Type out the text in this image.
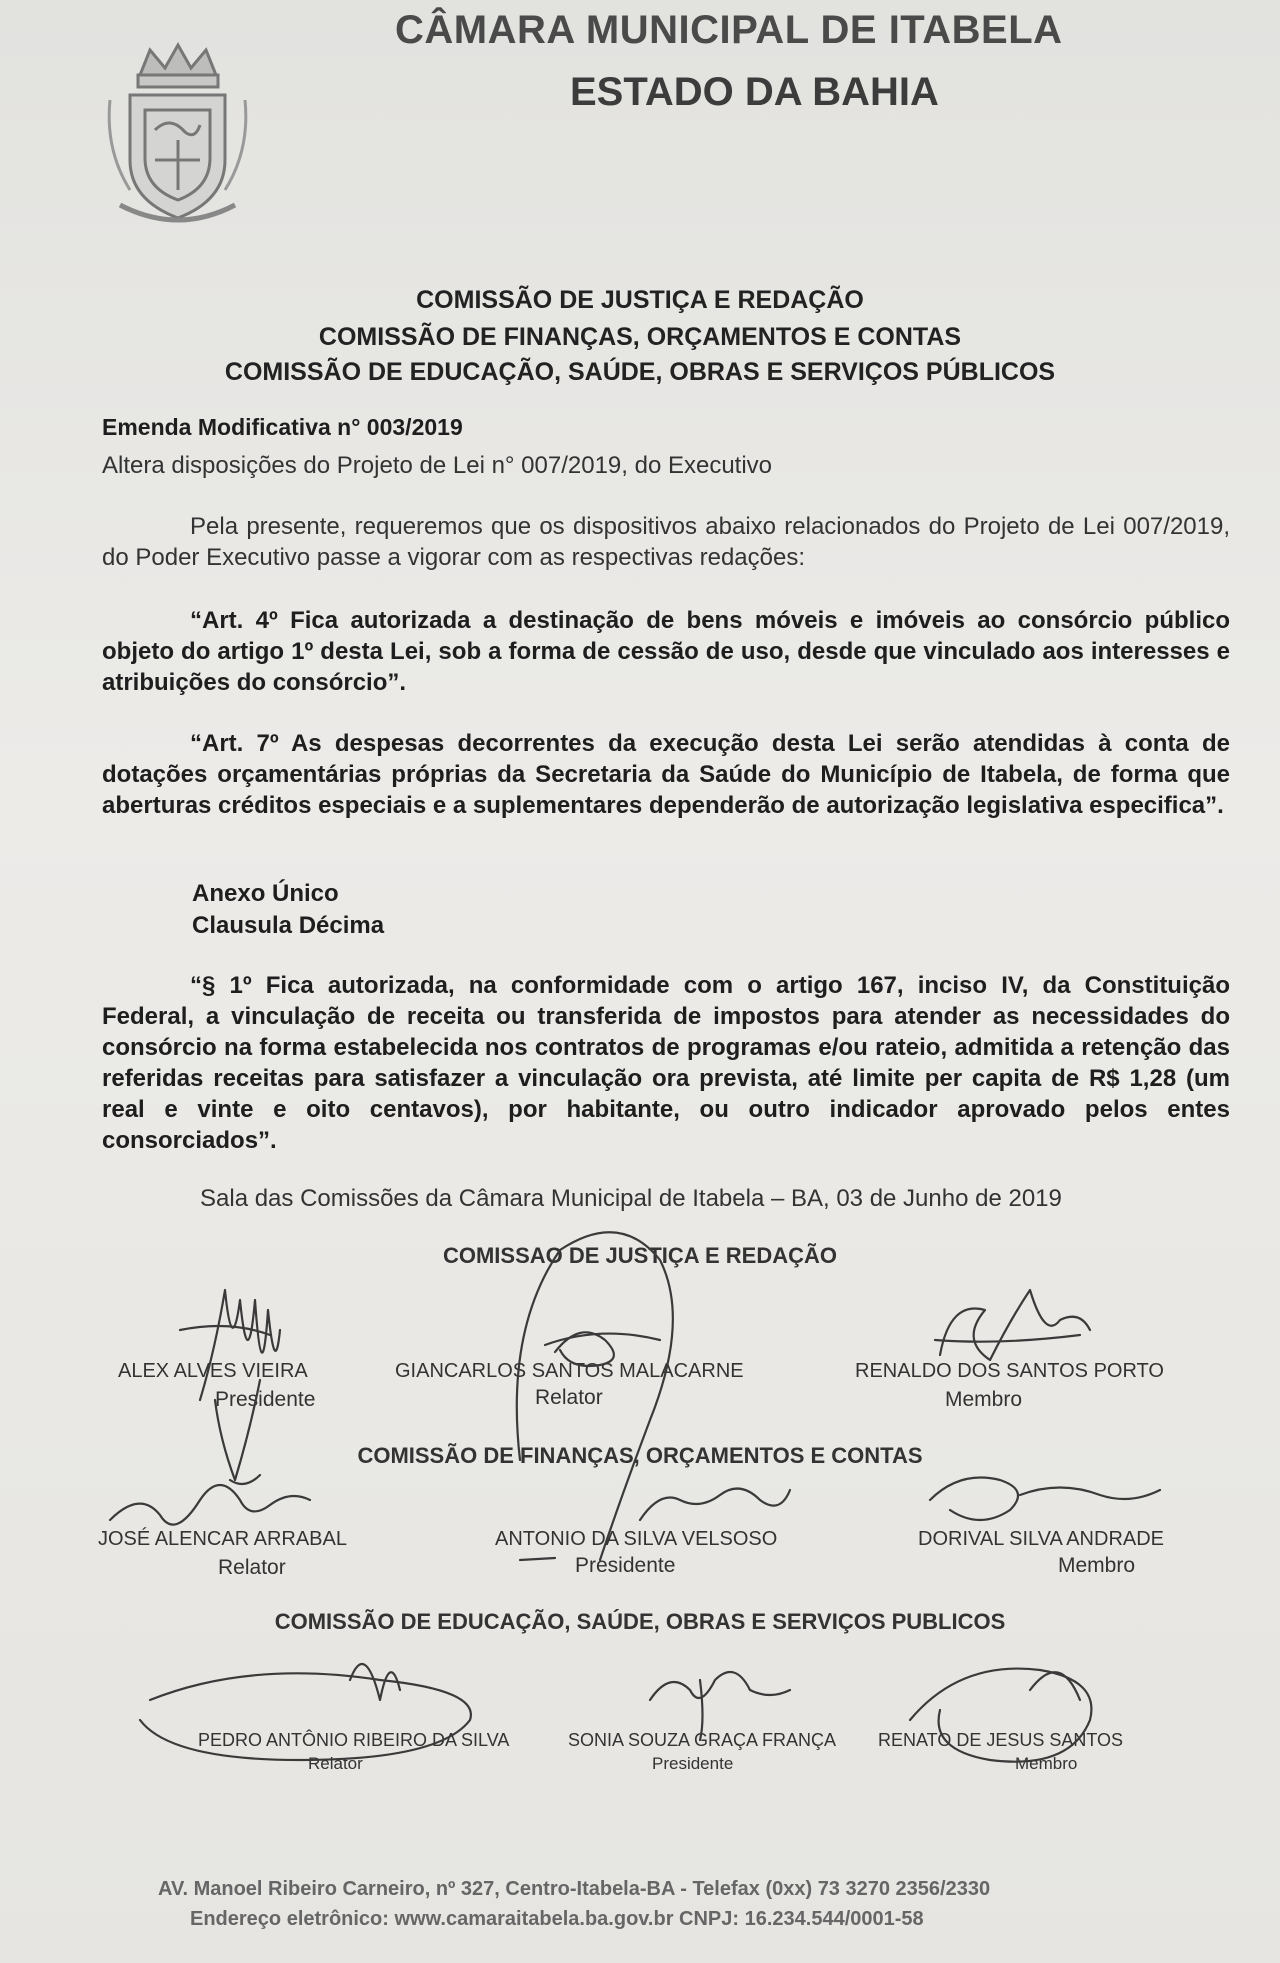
CÂMARA MUNICIPAL DE ITABELA
ESTADO DA BAHIA
COMISSÃO DE JUSTIÇA E REDAÇÃO
COMISSÃO DE FINANÇAS, ORÇAMENTOS E CONTAS
COMISSÃO DE EDUCAÇÃO, SAÚDE, OBRAS E SERVIÇOS PÚBLICOS
Emenda Modificativa n° 003/2019
Altera disposições do Projeto de Lei n° 007/2019, do Executivo
Pela presente, requeremos que os dispositivos abaixo relacionados do Projeto de Lei 007/2019, do Poder Executivo passe a vigorar com as respectivas redações:
“Art. 4º Fica autorizada a destinação de bens móveis e imóveis ao consórcio público objeto do artigo 1º desta Lei, sob a forma de cessão de uso, desde que vinculado aos interesses e atribuições do consórcio”.
“Art. 7º As despesas decorrentes da execução desta Lei serão atendidas à conta de dotações orçamentárias próprias da Secretaria da Saúde do Município de Itabela, de forma que aberturas créditos especiais e a suplementares dependerão de autorização legislativa especifica”.
Anexo Único
Clausula Décima
“§ 1º Fica autorizada, na conformidade com o artigo 167, inciso IV, da Constituição Federal, a vinculação de receita ou transferida de impostos para atender as necessidades do consórcio na forma estabelecida nos contratos de programas e/ou rateio, admitida a retenção das referidas receitas para satisfazer a vinculação ora prevista, até limite per capita de R$ 1,28 (um real e vinte e oito centavos), por habitante, ou outro indicador aprovado pelos entes consorciados”.
Sala das Comissões da Câmara Municipal de Itabela – BA, 03 de Junho de 2019
COMISSAO DE JUSTIÇA E REDAÇÃO
ALEX ALVES VIEIRA
Presidente
GIANCARLOS SANTOS MALACARNE
Relator
RENALDO DOS SANTOS PORTO
Membro
COMISSÃO DE FINANÇAS, ORÇAMENTOS E CONTAS
JOSÉ ALENCAR ARRABAL
Relator
ANTONIO DA SILVA VELSOSO
Presidente
DORIVAL SILVA ANDRADE
Membro
COMISSÃO DE EDUCAÇÃO, SAÚDE, OBRAS E SERVIÇOS PUBLICOS
PEDRO ANTÔNIO RIBEIRO DA SILVA
Relator
SONIA SOUZA GRAÇA FRANÇA
Presidente
RENATO DE JESUS SANTOS
Membro
AV. Manoel Ribeiro Carneiro, nº 327, Centro-Itabela-BA - Telefax (0xx) 73 3270 2356/2330
Endereço eletrônico: www.camaraitabela.ba.gov.br CNPJ: 16.234.544/0001-58
